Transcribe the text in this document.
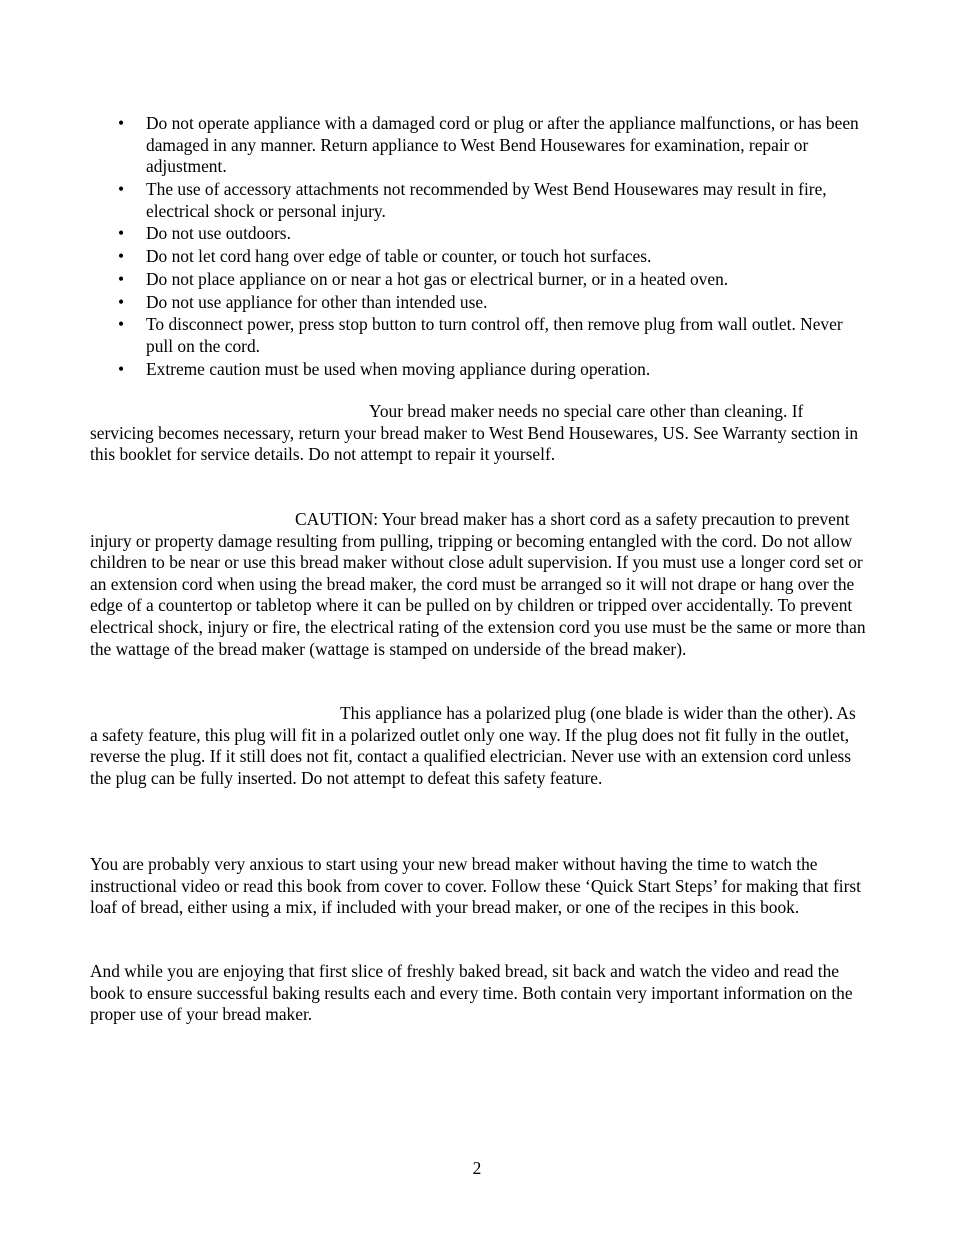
•	Do not operate appliance with a damaged cord or plug or after the appliance malfunctions, or has been damaged in any manner. Return appliance to West Bend Housewares for examination, repair or adjustment.
•	The use of accessory attachments not recommended by West Bend Housewares may result in fire, electrical shock or personal injury.
•	Do not use outdoors.
•	Do not let cord hang over edge of table or counter, or touch hot surfaces.
•	Do not place appliance on or near a hot gas or electrical burner, or in a heated oven.
•	Do not use appliance for other than intended use.
•	To disconnect power, press stop button to turn control off, then remove plug from wall outlet. Never pull on the cord.
•	Extreme caution must be used when moving appliance during operation.

Your bread maker needs no special care other than cleaning. If servicing becomes necessary, return your bread maker to West Bend Housewares, US. See Warranty section in this booklet for service details. Do not attempt to repair it yourself.

CAUTION: Your bread maker has a short cord as a safety precaution to prevent injury or property damage resulting from pulling, tripping or becoming entangled with the cord. Do not allow children to be near or use this bread maker without close adult supervision. If you must use a longer cord set or an extension cord when using the bread maker, the cord must be arranged so it will not drape or hang over the edge of a countertop or tabletop where it can be pulled on by children or tripped over accidentally. To prevent electrical shock, injury or fire, the electrical rating of the extension cord you use must be the same or more than the wattage of the bread maker (wattage is stamped on underside of the bread maker).

This appliance has a polarized plug (one blade is wider than the other). As a safety feature, this plug will fit in a polarized outlet only one way. If the plug does not fit fully in the outlet, reverse the plug. If it still does not fit, contact a qualified electrician. Never use with an extension cord unless the plug can be fully inserted. Do not attempt to defeat this safety feature.

You are probably very anxious to start using your new bread maker without having the time to watch the instructional video or read this book from cover to cover. Follow these ‘Quick Start Steps’ for making that first loaf of bread, either using a mix, if included with your bread maker, or one of the recipes in this book.

And while you are enjoying that first slice of freshly baked bread, sit back and watch the video and read the book to ensure successful baking results each and every time. Both contain very important information on the proper use of your bread maker.

2
